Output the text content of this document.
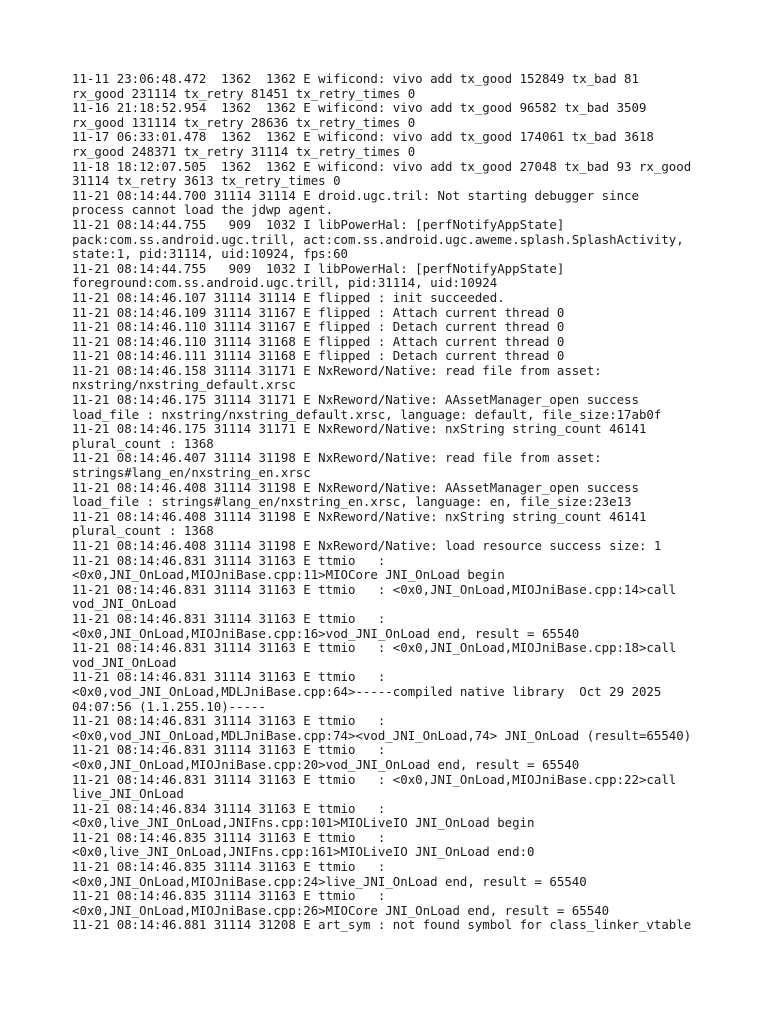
11-11 23:06:48.472  1362  1362 E wificond: vivo add tx_good 152849 tx_bad 81
rx_good 231114 tx_retry 81451 tx_retry_times 0
11-16 21:18:52.954  1362  1362 E wificond: vivo add tx_good 96582 tx_bad 3509
rx_good 131114 tx_retry 28636 tx_retry_times 0
11-17 06:33:01.478  1362  1362 E wificond: vivo add tx_good 174061 tx_bad 3618
rx_good 248371 tx_retry 31114 tx_retry_times 0
11-18 18:12:07.505  1362  1362 E wificond: vivo add tx_good 27048 tx_bad 93 rx_good
31114 tx_retry 3613 tx_retry_times 0
11-21 08:14:44.700 31114 31114 E droid.ugc.tril: Not starting debugger since
process cannot load the jdwp agent.
11-21 08:14:44.755   909  1032 I libPowerHal: [perfNotifyAppState]
pack:com.ss.android.ugc.trill, act:com.ss.android.ugc.aweme.splash.SplashActivity,
state:1, pid:31114, uid:10924, fps:60
11-21 08:14:44.755   909  1032 I libPowerHal: [perfNotifyAppState]
foreground:com.ss.android.ugc.trill, pid:31114, uid:10924
11-21 08:14:46.107 31114 31114 E flipped : init succeeded.
11-21 08:14:46.109 31114 31167 E flipped : Attach current thread 0
11-21 08:14:46.110 31114 31167 E flipped : Detach current thread 0
11-21 08:14:46.110 31114 31168 E flipped : Attach current thread 0
11-21 08:14:46.111 31114 31168 E flipped : Detach current thread 0
11-21 08:14:46.158 31114 31171 E NxReword/Native: read file from asset:
nxstring/nxstring_default.xrsc
11-21 08:14:46.175 31114 31171 E NxReword/Native: AAssetManager_open success
load_file : nxstring/nxstring_default.xrsc, language: default, file_size:17ab0f
11-21 08:14:46.175 31114 31171 E NxReword/Native: nxString string_count 46141
plural_count : 1368
11-21 08:14:46.407 31114 31198 E NxReword/Native: read file from asset:
strings#lang_en/nxstring_en.xrsc
11-21 08:14:46.408 31114 31198 E NxReword/Native: AAssetManager_open success
load_file : strings#lang_en/nxstring_en.xrsc, language: en, file_size:23e13
11-21 08:14:46.408 31114 31198 E NxReword/Native: nxString string_count 46141
plural_count : 1368
11-21 08:14:46.408 31114 31198 E NxReword/Native: load resource success size: 1
11-21 08:14:46.831 31114 31163 E ttmio   :
<0x0,JNI_OnLoad,MIOJniBase.cpp:11>MIOCore JNI_OnLoad begin
11-21 08:14:46.831 31114 31163 E ttmio   : <0x0,JNI_OnLoad,MIOJniBase.cpp:14>call
vod_JNI_OnLoad
11-21 08:14:46.831 31114 31163 E ttmio   :
<0x0,JNI_OnLoad,MIOJniBase.cpp:16>vod_JNI_OnLoad end, result = 65540
11-21 08:14:46.831 31114 31163 E ttmio   : <0x0,JNI_OnLoad,MIOJniBase.cpp:18>call
vod_JNI_OnLoad
11-21 08:14:46.831 31114 31163 E ttmio   :
<0x0,vod_JNI_OnLoad,MDLJniBase.cpp:64>-----compiled native library  Oct 29 2025
04:07:56 (1.1.255.10)-----
11-21 08:14:46.831 31114 31163 E ttmio   :
<0x0,vod_JNI_OnLoad,MDLJniBase.cpp:74><vod_JNI_OnLoad,74> JNI_OnLoad (result=65540)
11-21 08:14:46.831 31114 31163 E ttmio   :
<0x0,JNI_OnLoad,MIOJniBase.cpp:20>vod_JNI_OnLoad end, result = 65540
11-21 08:14:46.831 31114 31163 E ttmio   : <0x0,JNI_OnLoad,MIOJniBase.cpp:22>call
live_JNI_OnLoad
11-21 08:14:46.834 31114 31163 E ttmio   :
<0x0,live_JNI_OnLoad,JNIFns.cpp:101>MIOLiveIO JNI_OnLoad begin
11-21 08:14:46.835 31114 31163 E ttmio   :
<0x0,live_JNI_OnLoad,JNIFns.cpp:161>MIOLiveIO JNI_OnLoad end:0
11-21 08:14:46.835 31114 31163 E ttmio   :
<0x0,JNI_OnLoad,MIOJniBase.cpp:24>live_JNI_OnLoad end, result = 65540
11-21 08:14:46.835 31114 31163 E ttmio   :
<0x0,JNI_OnLoad,MIOJniBase.cpp:26>MIOCore JNI_OnLoad end, result = 65540
11-21 08:14:46.881 31114 31208 E art_sym : not found symbol for class_linker_vtable
